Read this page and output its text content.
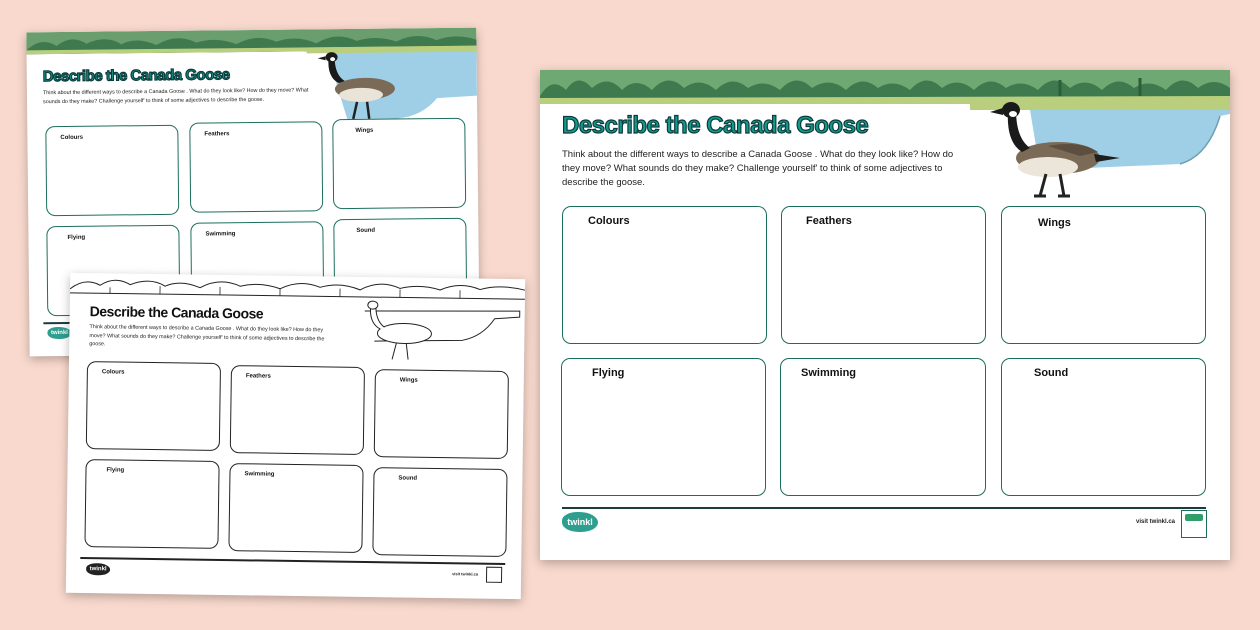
Describe the Canada Goose

Think about the different ways to describe a Canada Goose . What do they look like? How do they move? What sounds do they make? Challenge yourself' to think of some adjectives to describe the goose.

Colours
Feathers
Wings
Flying
Swimming
Sound
twinkl
Describe the Canada Goose

Think about the different ways to describe a Canada Goose . What do they look like? How do they move? What sounds do they make? Challenge yourself' to think of some adjectives to describe the goose.

Colours
Feathers
Wings
Flying
Swimming
Sound
twinkl
visit twinkl.ca
Describe the Canada Goose

Think about the different ways to describe a Canada Goose . What do they look like? How do they move? What sounds do they make? Challenge yourself' to think of some adjectives to describe the goose.

Colours	Feathers	Wings
Flying	Swimming	Sound
twinkl	visit twinkl.ca
